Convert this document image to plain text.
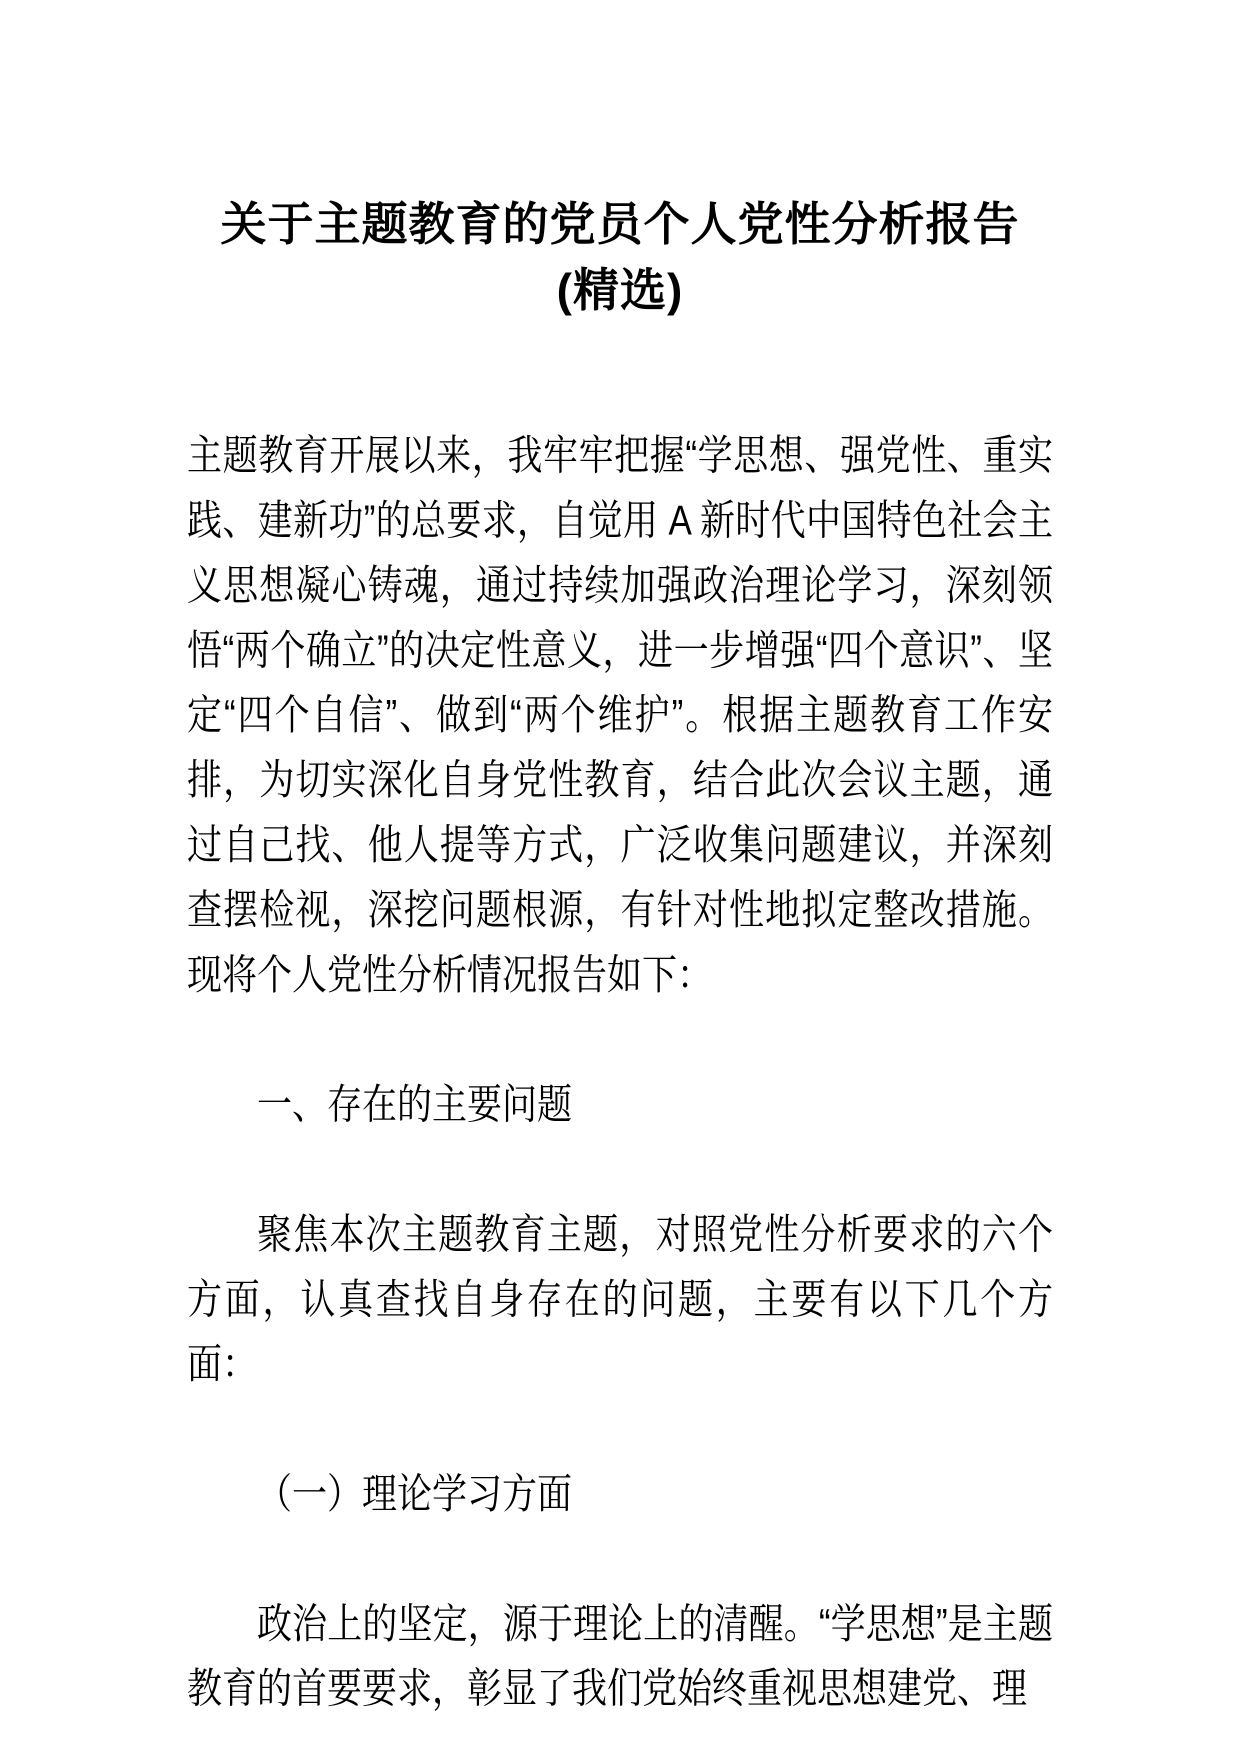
关于主题教育的党员个人党性分析报告
(精选)

主题教育开展以来，我牢牢把握“学思想、强党性、重实践、建新功”的总要求，自觉用 A 新时代中国特色社会主义思想凝心铸魂，通过持续加强政治理论学习，深刻领悟“两个确立”的决定性意义，进一步增强“四个意识”、坚定“四个自信”、做到“两个维护”。根据主题教育工作安排，为切实深化自身党性教育，结合此次会议主题，通过自己找、他人提等方式，广泛收集问题建议，并深刻查摆检视，深挖问题根源，有针对性地拟定整改措施。现将个人党性分析情况报告如下：

一、存在的主要问题

聚焦本次主题教育主题，对照党性分析要求的六个方面，认真查找自身存在的问题，主要有以下几个方面：

（一）理论学习方面

政治上的坚定，源于理论上的清醒。“学思想”是主题教育的首要要求，彰显了我们党始终重视思想建党、理
